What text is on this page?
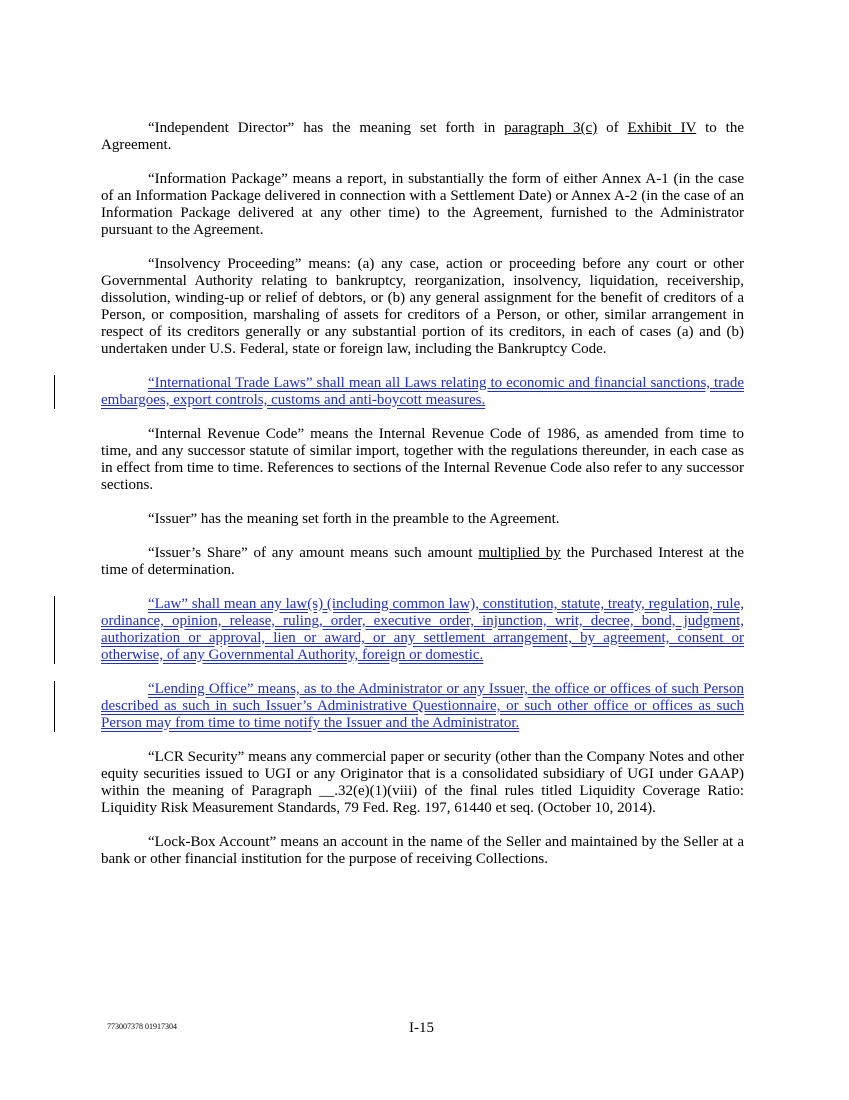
“Independent Director” has the meaning set forth in paragraph 3(c) of Exhibit IV to the Agreement.

“Information Package” means a report, in substantially the form of either Annex A-1 (in the case of an Information Package delivered in connection with a Settlement Date) or Annex A-2 (in the case of an Information Package delivered at any other time) to the Agreement, furnished to the Administrator pursuant to the Agreement.

“Insolvency Proceeding” means: (a) any case, action or proceeding before any court or other Governmental Authority relating to bankruptcy, reorganization, insolvency, liquidation, receivership, dissolution, winding-up or relief of debtors, or (b) any general assignment for the benefit of creditors of a Person, or composition, marshaling of assets for creditors of a Person, or other, similar arrangement in respect of its creditors generally or any substantial portion of its creditors, in each of cases (a) and (b) undertaken under U.S. Federal, state or foreign law, including the Bankruptcy Code.

“International Trade Laws” shall mean all Laws relating to economic and financial sanctions, trade embargoes, export controls, customs and anti-boycott measures.

“Internal Revenue Code” means the Internal Revenue Code of 1986, as amended from time to time, and any successor statute of similar import, together with the regulations thereunder, in each case as in effect from time to time. References to sections of the Internal Revenue Code also refer to any successor sections.

“Issuer” has the meaning set forth in the preamble to the Agreement.

“Issuer’s Share” of any amount means such amount multiplied by the Purchased Interest at the time of determination.

“Law” shall mean any law(s) (including common law), constitution, statute, treaty, regulation, rule, ordinance, opinion, release, ruling, order, executive order, injunction, writ, decree, bond, judgment, authorization or approval, lien or award, or any settlement arrangement, by agreement, consent or otherwise, of any Governmental Authority, foreign or domestic.

“Lending Office” means, as to the Administrator or any Issuer, the office or offices of such Person described as such in such Issuer’s Administrative Questionnaire, or such other office or offices as such Person may from time to time notify the Issuer and the Administrator.

“LCR Security” means any commercial paper or security (other than the Company Notes and other equity securities issued to UGI or any Originator that is a consolidated subsidiary of UGI under GAAP) within the meaning of Paragraph __.32(e)(1)(viii) of the final rules titled Liquidity Coverage Ratio: Liquidity Risk Measurement Standards, 79 Fed. Reg. 197, 61440 et seq. (October 10, 2014).

“Lock-Box Account” means an account in the name of the Seller and maintained by the Seller at a bank or other financial institution for the purpose of receiving Collections.

773007378 01917304	I-15
